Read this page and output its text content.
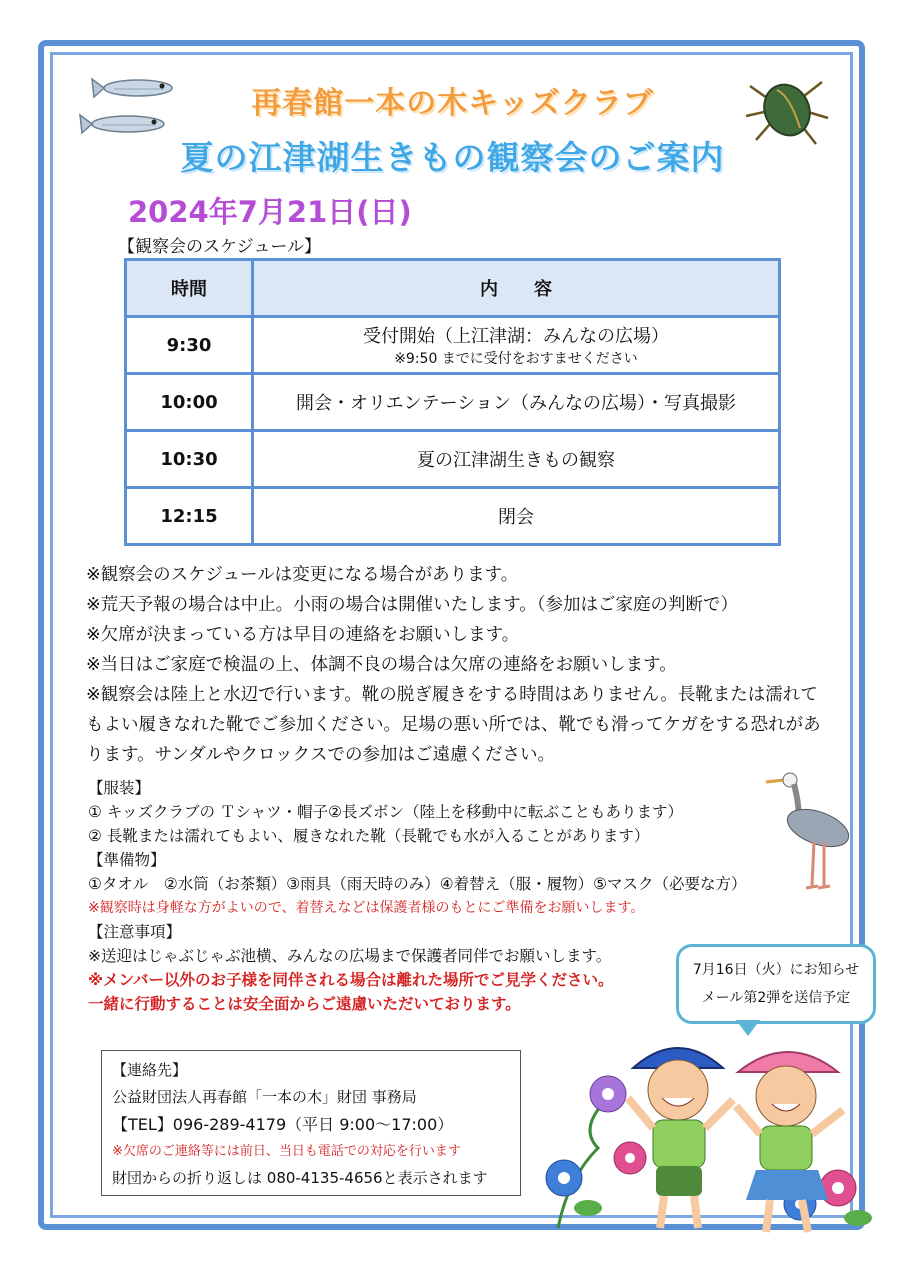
再春館一本の木キッズクラブ
夏の江津湖生きもの観察会のご案内
2024年7月21日(日)
【観察会のスケジュール】
時間	内　　容
9:30	受付開始（上江津湖：みんなの広場）
※9:50 までに受付をおすませください

10:00	開会・オリエンテーション（みんなの広場）・写真撮影
10:30	夏の江津湖生きもの観察
12:15	閉会

※観察会のスケジュールは変更になる場合があります。

※荒天予報の場合は中止。小雨の場合は開催いたします。（参加はご家庭の判断で）

※欠席が決まっている方は早目の連絡をお願いします。

※当日はご家庭で検温の上、体調不良の場合は欠席の連絡をお願いします。

※観察会は陸上と水辺で行います。靴の脱ぎ履きをする時間はありません。長靴または濡れてもよい履きなれた靴でご参加ください。足場の悪い所では、靴でも滑ってケガをする恐れがあります。サンダルやクロックスでの参加はご遠慮ください。

【服装】
① キッズクラブの Ｔシャツ・帽子②長ズボン（陸上を移動中に転ぶこともあります）
② 長靴または濡れてもよい、履きなれた靴（長靴でも水が入ることがあります）
【準備物】
①タオル　②水筒（お茶類）③雨具（雨天時のみ）④着替え（服・履物）⑤マスク（必要な方）
※観察時は身軽な方がよいので、着替えなどは保護者様のもとにご準備をお願いします。
【注意事項】
※送迎はじゃぶじゃぶ池横、みんなの広場まで保護者同伴でお願いします。
※メンバー以外のお子様を同伴される場合は離れた場所でご見学ください。
一緒に行動することは安全面からご遠慮いただいております。
7月16日（火）にお知らせ
メール第2弾を送信予定
【連絡先】
公益財団法人再春館「一本の木」財団 事務局
【TEL】096-289-4179（平日 9:00～17:00）
※欠席のご連絡等には前日、当日も電話での対応を行います
財団からの折り返しは 080-4135-4656と表示されます
